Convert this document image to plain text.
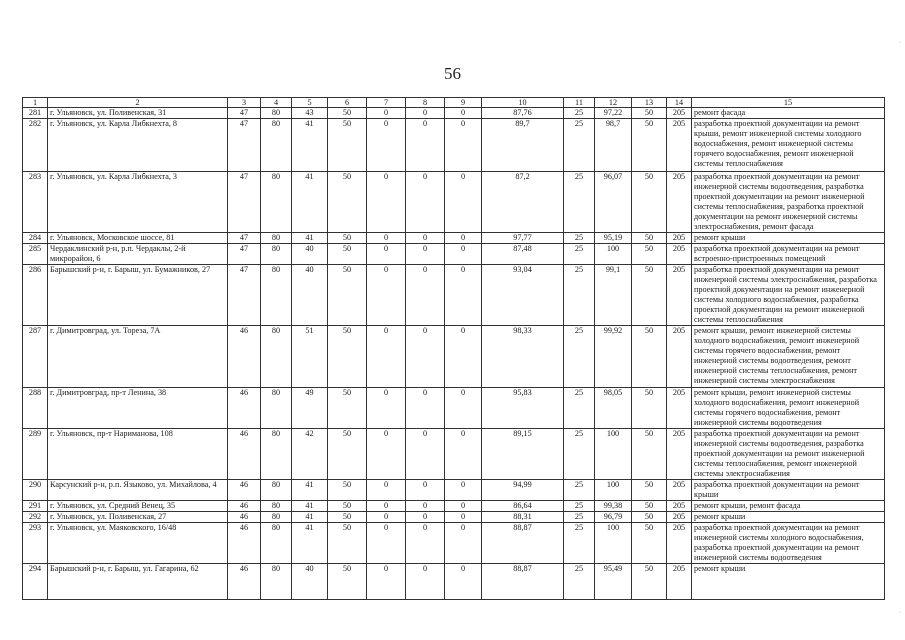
56
1	2	3	4	5	6	7	8	9	10	11	12	13	14	15
281	г. Ульяновск, ул. Поливенская, 31	47	80	43	50	0	0	0	87,76	25	97,22	50	205	ремонт фасада
282	г. Ульяновск, ул. Карла Либкнехта, 8	47	80	41	50	0	0	0	89,7	25	98,7	50	205	разработка проектной документации на ремонт крыши, ремонт инженерной системы холодного водоснабжения, ремонт инженерной системы горячего водоснабжения, ремонт инженерной системы теплоснабжения
283	г. Ульяновск, ул. Карла Либкнехта, 3	47	80	41	50	0	0	0	87,2	25	96,07	50	205	разработка проектной документации на ремонт инженерной системы водоотведения, разработка проектной документации на ремонт инженерной системы теплоснабжения, разработка проектной документации на ремонт инженерной системы электроснабжения, ремонт фасада
284	г. Ульяновск, Московское шоссе, 81	47	80	41	50	0	0	0	97,77	25	95,19	50	205	ремонт крыши
285	Чердаклинский р-н, р.п. Чердаклы, 2-й микрорайон, 6	47	80	40	50	0	0	0	87,48	25	100	50	205	разработка проектной документации на ремонт встроенно-пристроенных помещений
286	Барышский р-н, г. Барыш, ул. Бумажников, 27	47	80	40	50	0	0	0	93,04	25	99,1	50	205	разработка проектной документации на ремонт инженерной системы электроснабжения, разработка проектной документации на ремонт инженерной системы холодного водоснабжения, разработка проектной документации на ремонт инженерной системы теплоснабжения
287	г. Димитровград, ул. Тореза, 7А	46	80	51	50	0	0	0	98,33	25	99,92	50	205	ремонт крыши, ремонт инженерной системы холодного водоснабжения, ремонт инженерной системы горячего водоснабжения, ремонт инженерной системы водоотведения, ремонт инженерной системы теплоснабжения, ремонт инженерной системы электроснабжения
288	г. Димитровград, пр-т Ленина, 38	46	80	49	50	0	0	0	95,83	25	98,05	50	205	ремонт крыши, ремонт инженерной системы холодного водоснабжения, ремонт инженерной системы горячего водоснабжения, ремонт инженерной системы водоотведения
289	г. Ульяновск, пр-т Нариманова, 108	46	80	42	50	0	0	0	89,15	25	100	50	205	разработка проектной документации на ремонт инженерной системы водоотведения, разработка проектной документации на ремонт инженерной системы теплоснабжения, ремонт инженерной системы электроснабжения
290	Карсунский р-н, р.п. Языково, ул. Михайлова, 4	46	80	41	50	0	0	0	94,99	25	100	50	205	разработка проектной документации на ремонт крыши
291	г. Ульяновск, ул. Средний Венец, 35	46	80	41	50	0	0	0	86,64	25	99,38	50	205	ремонт крыши, ремонт фасада
292	г. Ульяновск, ул. Поливенская, 27	46	80	41	50	0	0	0	88,31	25	96,79	50	205	ремонт крыши
293	г. Ульяновск, ул. Маяковского, 16/48	46	80	41	50	0	0	0	88,87	25	100	50	205	разработка проектной документации на ремонт инженерной системы холодного водоснабжения, разработка проектной документации на ремонт инженерной системы водоотведения
294	Барышский р-н, г. Барыш, ул. Гагарина, 62	46	80	40	50	0	0	0	88,87	25	95,49	50	205	ремонт крыши
·
·
